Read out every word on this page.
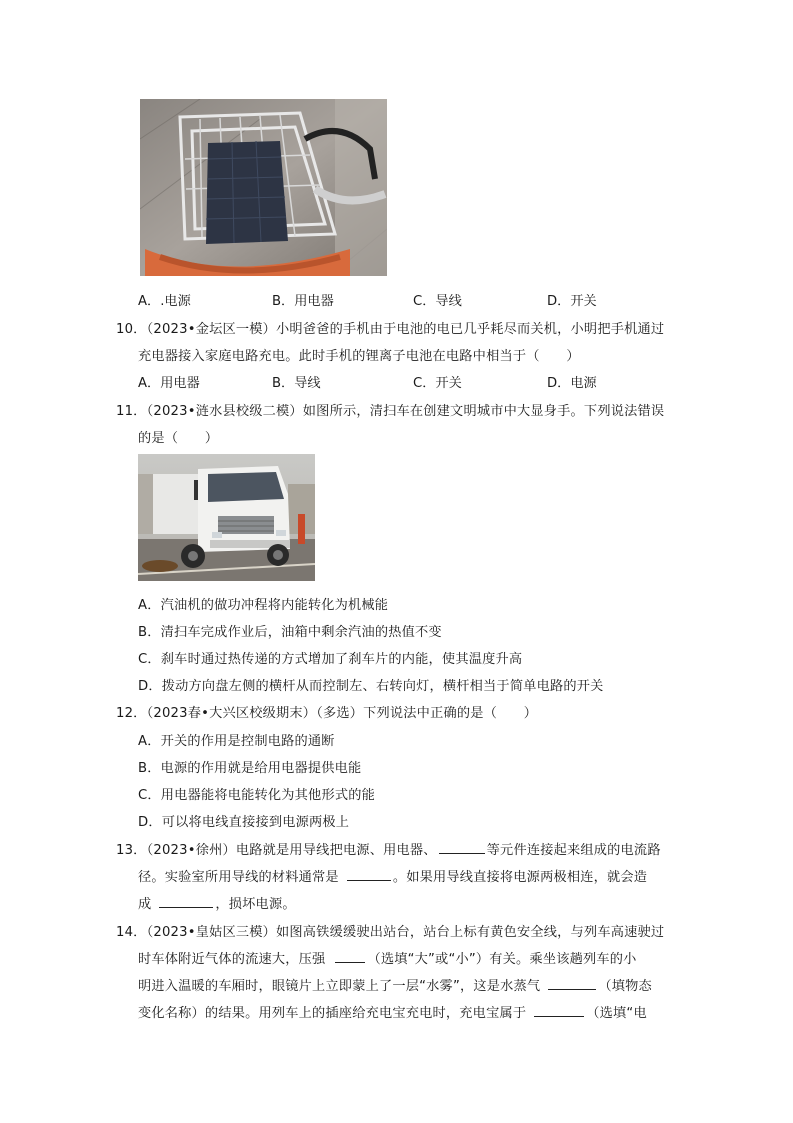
A．.电源	B．用电器	C．导线	D．开关
10．（2023•金坛区一模）小明爸爸的手机由于电池的电已几乎耗尽而关机，小明把手机通过
充电器接入家庭电路充电。此时手机的锂离子电池在电路中相当于（　　）
A．用电器	B．导线	C．开关	D．电源
11．（2023•涟水县校级二模）如图所示，清扫车在创建文明城市中大显身手。下列说法错误
的是（　　）
A．汽油机的做功冲程将内能转化为机械能
B．清扫车完成作业后，油箱中剩余汽油的热值不变
C．刹车时通过热传递的方式增加了刹车片的内能，使其温度升高
D．拨动方向盘左侧的横杆从而控制左、右转向灯，横杆相当于简单电路的开关
12．（2023春•大兴区校级期末）（多选）下列说法中正确的是（　　）
A．开关的作用是控制电路的通断
B．电源的作用就是给用电器提供电能
C．用电器能将电能转化为其他形式的能
D．可以将电线直接接到电源两极上
13．（2023•徐州）电路就是用导线把电源、用电器、	等元件连接起来组成的电流路
径。实验室所用导线的材料通常是	。如果用导线直接将电源两极相连，就会造
成	，损坏电源。
14．（2023•皇姑区三模）如图高铁缓缓驶出站台，站台上标有黄色安全线，与列车高速驶过
时车体附近气体的流速大，压强	（选填“大”或“小”）有关。乘坐该趟列车的小
明进入温暖的车厢时，眼镜片上立即蒙上了一层“水雾”，这是水蒸气	（填物态
变化名称）的结果。用列车上的插座给充电宝充电时，充电宝属于	（选填“电
